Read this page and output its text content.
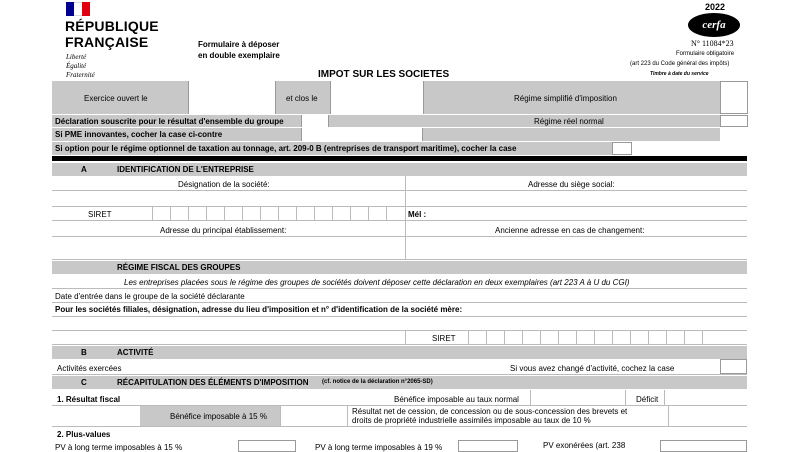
RÉPUBLIQUE
FRANÇAISE
Liberté
Égalité
Fraternité
Formulaire à déposer
en double exemplaire
2022
cerfa
N° 11084*23
Formulaire obligatoire
(art 223 du Code général des impôts)
Timbre à date du service
IMPOT SUR LES SOCIETES
Exercice ouvert le	et clos le	Régime simplifié d'imposition
Déclaration souscrite pour le résultat d'ensemble du groupe	Régime réel normal
Si PME innovantes, cocher la case ci-contre
Si option pour le régime optionnel de taxation au tonnage, art. 209-0 B (entreprises de transport maritime), cocher la case
A	IDENTIFICATION DE L'ENTREPRISE
Désignation de la société:	Adresse du siège social:
SIRET	Mél :
Adresse du principal établissement:	Ancienne adresse en cas de changement:
RÉGIME FISCAL DES GROUPES
Les entreprises placées sous le régime des groupes de sociétés doivent déposer cette déclaration en deux exemplaires (art 223 A à U du CGI)
Date d'entrée dans le groupe de la société déclarante
Pour les sociétés filiales, désignation, adresse du lieu d'imposition et n° d'identification de la société mère:
SIRET
B	ACTIVITÉ
Activités exercées	Si vous avez changé d'activité, cochez la case
C	RÉCAPITULATION DES ÉLÉMENTS D'IMPOSITION (cf. notice de la déclaration n°2065-SD)
1. Résultat fiscal	Bénéfice imposable au taux normal	Déficit
Bénéfice imposable à 15 %
Résultat net de cession, de concession ou de sous-concession des brevets et
droits de propriété industrielle assimilés imposable au taux de 10 %
2. Plus-values
PV à long terme imposables à 15 %	PV à long terme imposables à 19 %	PV exonérées (art. 238
